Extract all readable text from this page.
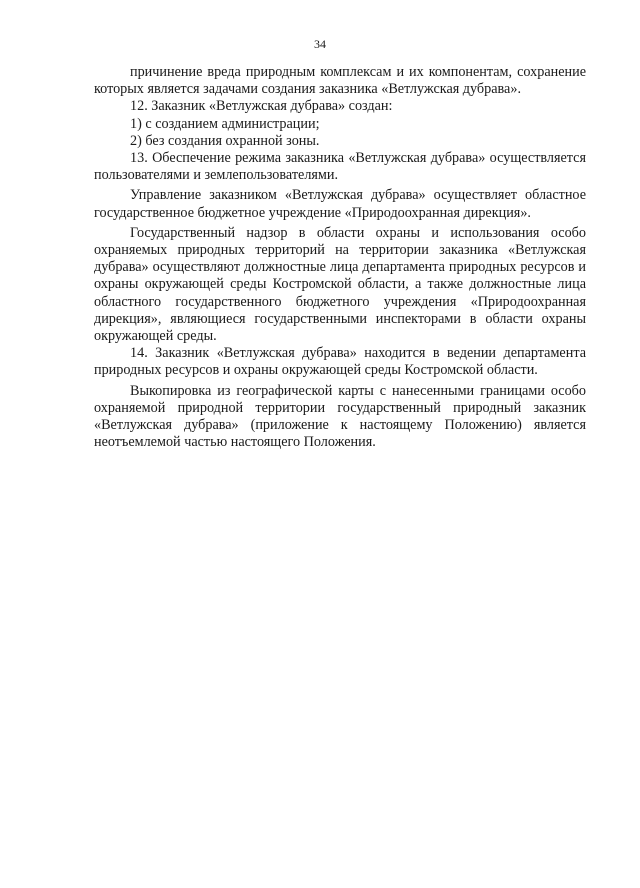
34

причинение вреда природным комплексам и их компонентам, сохранение которых является задачами создания заказника «Ветлужская дубрава».

12. Заказник «Ветлужская дубрава» создан:

1) с созданием администрации;

2) без создания охранной зоны.

13. Обеспечение режима заказника «Ветлужская дубрава» осуществляется пользователями и землепользователями.

Управление заказником «Ветлужская дубрава» осуществляет областное государственное бюджетное учреждение «Природоохранная дирекция».

Государственный надзор в области охраны и использования особо охраняемых природных территорий на территории заказника «Ветлужская дубрава» осуществляют должностные лица департамента природных ресурсов и охраны окружающей среды Костромской области, а также должностные лица областного государственного бюджетного учреждения «Природоохранная дирекция», являющиеся государственными инспекторами в области охраны окружающей среды.

14. Заказник «Ветлужская дубрава» находится в ведении департамента природных ресурсов и охраны окружающей среды Костромской области.

Выкопировка из географической карты с нанесенными границами особо охраняемой природной территории государственный природный заказник «Ветлужская дубрава» (приложение к настоящему Положению) является неотъемлемой частью настоящего Положения.
